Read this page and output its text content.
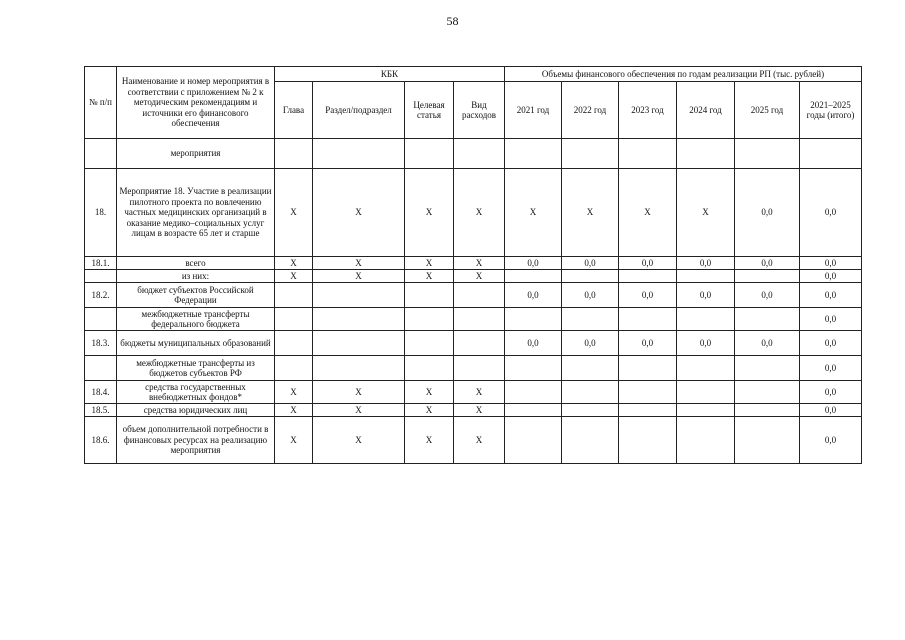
58
№ п/п	Наименование и номер мероприятия в соответствии с приложением № 2 к методическим рекомендациям и источники его финансового обеспечения	КБК				Объемы финансового обеспечения по годам реализации РП (тыс. рублей)					
		Глава	Раздел/подраздел	Целевая статья	Вид расходов	2021 год	2022 год	2023 год	2024 год	2025 год	2021–2025 годы (итого)
	мероприятия										
18.	Мероприятие 18. Участие в реализации пилотного проекта по вовлечению частных медицинских организаций в оказание медико–социальных услуг лицам в возрасте 65 лет и старше	X	X	X	X	X	X	X	X	0,0	0,0
18.1.	всего	X	X	X	X	0,0	0,0	0,0	0,0	0,0	0,0
	из них:	X	X	X	X						0,0
18.2.	бюджет субъектов Российской Федерации					0,0	0,0	0,0	0,0	0,0	0,0
	межбюджетные трансферты федерального бюджета										0,0
18.3.	бюджеты муниципальных образований					0,0	0,0	0,0	0,0	0,0	0,0
	межбюджетные трансферты из бюджетов субъектов РФ										0,0
18.4.	средства государственных внебюджетных фондов*	X	X	X	X						0,0
18.5.	средства юридических лиц	X	X	X	X						0,0
18.6.	объем дополнительной потребности в финансовых ресурсах на реализацию мероприятия	X	X	X	X						0,0
